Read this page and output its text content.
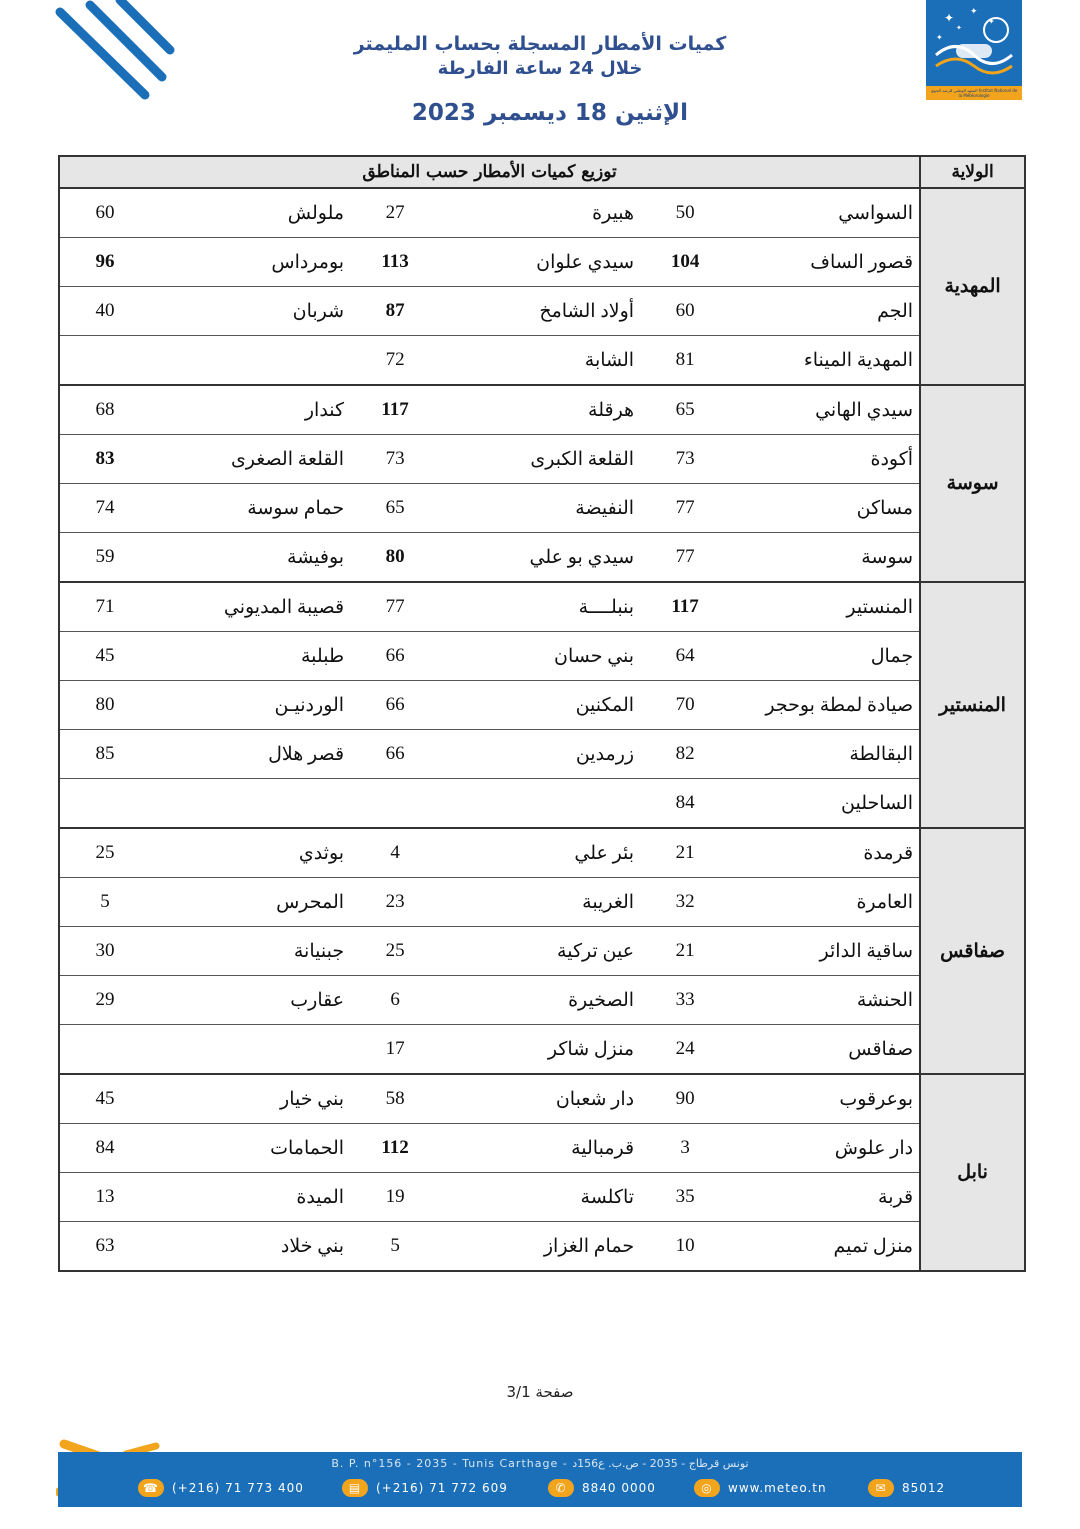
✦ ✦
✦
✦
✦
المعهد الوطني للرصد الجوي Institut National de la Météorologie
كميات الأمطار المسجلة بحساب المليمتر
خلال 24 ساعة الفارطة
الإثنين 18 ديسمبر 2023
الولاية	توزيع كميات الأمطار حسب المناطق					
المهدية	السواسي	50	هبيرة	27	ملولش	60
	قصور الساف	104	سيدي علوان	113	بومرداس	96
	الجم	60	أولاد الشامخ	87	شربان	40
	المهدية الميناء	81	الشابة	72		
سوسة	سيدي الهاني	65	هرقلة	117	كندار	68
	أكودة	73	القلعة الكبرى	73	القلعة الصغرى	83
	مساكن	77	النفيضة	65	حمام سوسة	74
	سوسة	77	سيدي بو علي	80	بوفيشة	59
المنستير	المنستير	117	بنبلــــة	77	قصيبة المديوني	71
	جمال	64	بني حسان	66	طبلبة	45
	صيادة لمطة بوحجر	70	المكنين	66	الوردنيـن	80
	البقالطة	82	زرمدين	66	قصر هلال	85
	الساحلين	84				
صفاقس	قرمدة	21	بئر علي	4	بوثدي	25
	العامرة	32	الغريبة	23	المحرس	5
	ساقية الدائر	21	عين تركية	25	جبنيانة	30
	الحنشة	33	الصخيرة	6	عقارب	29
	صفاقس	24	منزل شاكر	17		
نابل	بوعرقوب	90	دار شعبان	58	بني خيار	45
	دار علوش	3	قرمبالية	112	الحمامات	84
	قربة	35	تاكلسة	19	الميدة	13
	منزل تميم	10	حمام الغزاز	5	بني خلاد	63
صفحة 3/1
B. P. n°156 - 2035 - Tunis Carthage - تونس قرطاج - 2035 - ص.ب. ع156د
☎	(+216) 71 773 400	▤	(+216) 71 772 609	✆	8840 0000	◎	www.meteo.tn	✉	85012
